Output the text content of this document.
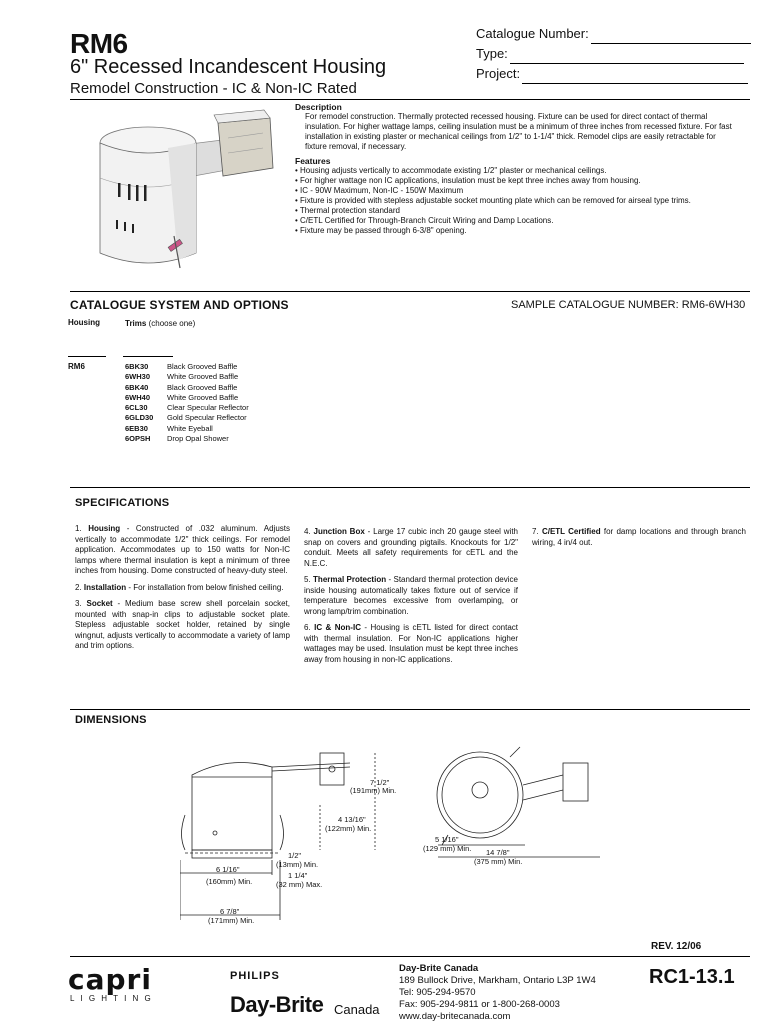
RM6
6" Recessed Incandescent Housing
Remodel Construction - IC & Non-IC Rated
Catalogue Number:
Type:
Project:
Description

For remodel construction. Thermally protected recessed housing. Fixture can be used for direct contact of thermal insulation. For higher wattage lamps, ceiling insulation must be a minimum of three inches from recessed fixture. For fast installation in existing plaster or mechanical ceilings from 1/2" to 1-1/4" thick. Remodel clips are easily retractable for fixture removal, if necessary.

Features
• Housing adjusts vertically to accommodate existing 1/2" plaster or mechanical ceilings.
• For higher wattage non IC applications, insulation must be kept three inches away from housing.
• IC - 90W Maximum, Non-IC - 150W Maximum
• Fixture is provided with stepless adjustable socket mounting plate which can be removed for airseal type trims.
• Thermal protection standard
• C/ETL Certified for Through-Branch Circuit Wiring and Damp Locations.
• Fixture may be passed through 6-3/8" opening.
CATALOGUE SYSTEM AND OPTIONS	SAMPLE CATALOGUE NUMBER: RM6-6WH30
Housing	Trims (choose one)
RM6	6BK30	Black Grooved Baffle
6WH30	White Grooved Baffle
6BK40	Black Grooved Baffle
6WH40	White Grooved Baffle
6CL30	Clear Specular Reflector
6GLD30	Gold Specular Reflector
6EB30	White Eyeball
6OPSH	Drop Opal Shower
SPECIFICATIONS

1. Housing - Constructed of .032 aluminum. Adjusts vertically to accommodate 1/2" thick ceilings. For remodel application. Accommodates up to 150 watts for Non-IC lamps where thermal insulation is kept a minimum of three inches from housing. Dome constructed of heavy-duty steel.

2. Installation - For installation from below finished ceiling.

3. Socket - Medium base screw shell porcelain socket, mounted with snap-in clips to adjustable socket plate. Stepless adjustable socket holder, retained by single wingnut, adjusts vertically to accommodate a variety of lamp and trim options.

4. Junction Box - Large 17 cubic inch 20 gauge steel with snap on covers and grounding pigtails. Knockouts for 1/2" conduit. Meets all safety requirements for cETL and the N.E.C.

5. Thermal Protection - Standard thermal protection device inside housing automatically takes fixture out of service if temperature becomes excessive from overlamping, or wrong lamp/trim combination.

6. IC & Non-IC - Housing is cETL listed for direct contact with thermal insulation. For Non-IC applications higher wattages may be used. Insulation must be kept three inches away from housing in non-IC applications.

7. C/ETL Certified for damp locations and through branch wiring, 4 in/4 out.

DIMENSIONS
7 1/2"
(191mm) Min.
4 13/16"
(122mm) Min.
1/2"
(13mm) Min.
1 1/4"
(32 mm) Max.
6 1/16"
(160mm) Min.
6 7/8"
(171mm) Min.
5 1/16"
(129 mm) Min. 14 7/8"
(375 mm) Min.
REV. 12/06
capri
L I G H T I N G
PHILIPS
Day-Brite Canada
Day-Brite Canada
189 Bullock Drive, Markham, Ontario L3P 1W4
Tel: 905-294-9570
Fax: 905-294-9811 or 1-800-268-0003
www.day-britecanada.com
RC1-13.1
